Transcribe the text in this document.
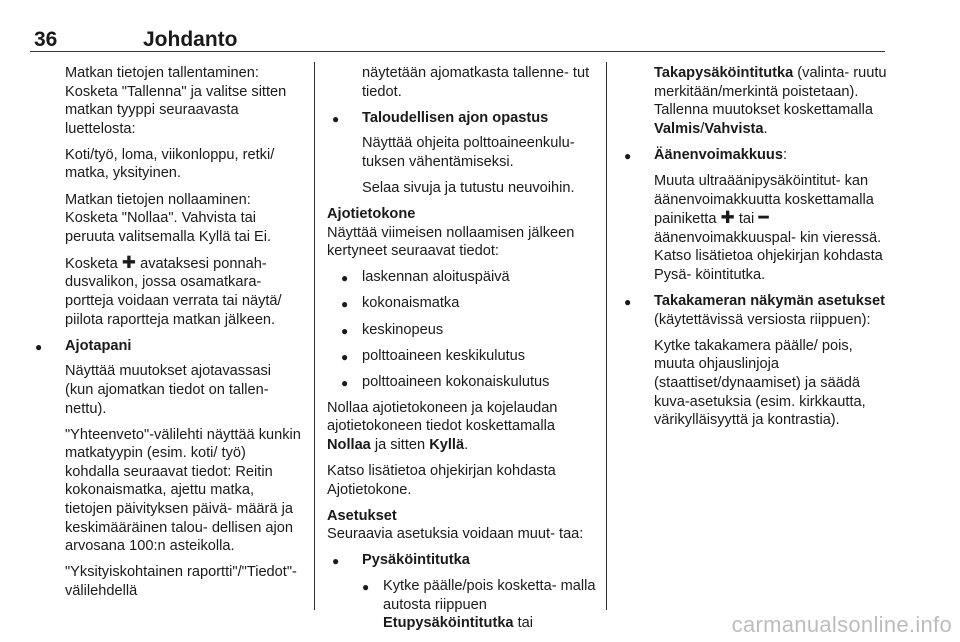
36	Johdanto

Matkan tietojen tallentaminen: Kosketa "Tallenna" ja valitse sitten matkan tyyppi seuraavasta luettelosta:

Koti/työ, loma, viikonloppu, retki/ matka, yksityinen.

Matkan tietojen nollaaminen: Kosketa "Nollaa". Vahvista tai peruuta valitsemalla Kyllä tai Ei.

Kosketa ✚ avataksesi ponnah- dusvalikon, jossa osamatkara- portteja voidaan verrata tai näytä/ piilota raportteja matkan jälkeen.

● Ajotapani

Näyttää muutokset ajotavassasi (kun ajomatkan tiedot on tallen- nettu).

"Yhteenveto"-välilehti näyttää kunkin matkatyypin (esim. koti/ työ) kohdalla seuraavat tiedot: Reitin kokonaismatka, ajettu matka, tietojen päivityksen päivä- määrä ja keskimääräinen talou- dellisen ajon arvosana 100:n asteikolla.

"Yksityiskohtainen raportti"/"Tiedot"-välilehdellä

näytetään ajomatkasta tallenne- tut tiedot.

● Taloudellisen ajon opastus

Näyttää ohjeita polttoaineenkulu- tuksen vähentämiseksi.

Selaa sivuja ja tutustu neuvoihin.

Ajotietokone

Näyttää viimeisen nollaamisen jälkeen kertyneet seuraavat tiedot:

● laskennan aloituspäivä

● kokonaismatka

● keskinopeus

● polttoaineen keskikulutus

● polttoaineen kokonaiskulutus

Nollaa ajotietokoneen ja kojelaudan ajotietokoneen tiedot koskettamalla Nollaa ja sitten Kyllä.

Katso lisätietoa ohjekirjan kohdasta Ajotietokone.

Asetukset

Seuraavia asetuksia voidaan muut- taa:

● Pysäköintitutka

● Kytke päälle/pois kosketta- malla autosta riippuen Etupysäköintitutka tai

Takapysäköintitutka (valinta- ruutu merkitään/merkintä poistetaan). Tallenna muutokset koskettamalla Valmis/Vahvista.

● Äänenvoimakkuus:

Muuta ultraäänipysäköintitut- kan äänenvoimakkuutta koskettamalla painiketta ✚ tai ━ äänenvoimakkuuspal- kin vieressä. Katso lisätietoa ohjekirjan kohdasta Pysä- köintitutka.

● Takakameran näkymän asetukset (käytettävissä versiosta riippuen):

Kytke takakamera päälle/ pois, muuta ohjauslinjoja (staattiset/dynaamiset) ja säädä kuva-asetuksia (esim. kirkkautta, värikylläisyyttä ja kontrastia).

carmanualsonline.info
